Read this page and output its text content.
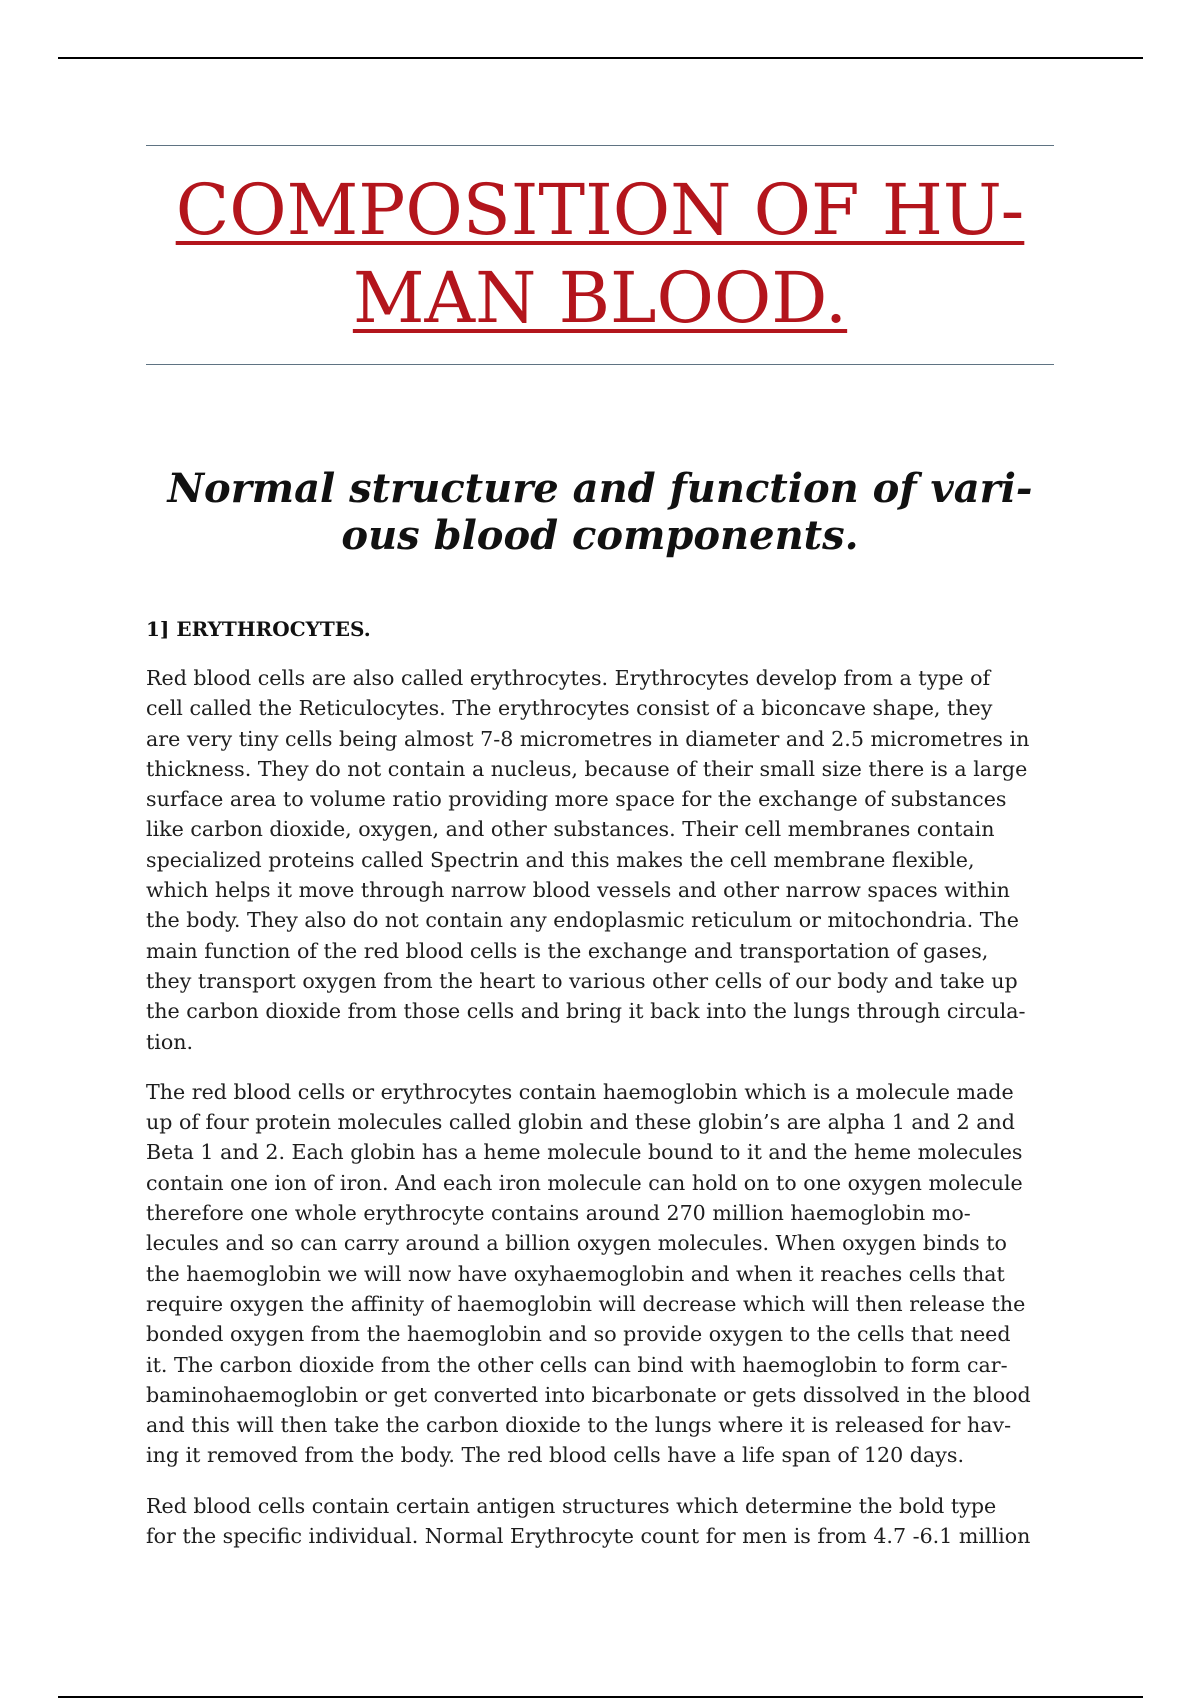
COMPOSITION OF HU-
MAN BLOOD.
Normal structure and function of vari-
ous blood components.
1] ERYTHROCYTES.

Red blood cells are also called erythrocytes. Erythrocytes develop from a type of
cell called the Reticulocytes. The erythrocytes consist of a biconcave shape, they
are very tiny cells being almost 7-8 micrometres in diameter and 2.5 micrometres in
thickness. They do not contain a nucleus, because of their small size there is a large
surface area to volume ratio providing more space for the exchange of substances
like carbon dioxide, oxygen, and other substances. Their cell membranes contain
specialized proteins called Spectrin and this makes the cell membrane flexible,
which helps it move through narrow blood vessels and other narrow spaces within
the body. They also do not contain any endoplasmic reticulum or mitochondria. The
main function of the red blood cells is the exchange and transportation of gases,
they transport oxygen from the heart to various other cells of our body and take up
the carbon dioxide from those cells and bring it back into the lungs through circula-
tion.

The red blood cells or erythrocytes contain haemoglobin which is a molecule made
up of four protein molecules called globin and these globin’s are alpha 1 and 2 and
Beta 1 and 2. Each globin has a heme molecule bound to it and the heme molecules
contain one ion of iron. And each iron molecule can hold on to one oxygen molecule
therefore one whole erythrocyte contains around 270 million haemoglobin mo-
lecules and so can carry around a billion oxygen molecules. When oxygen binds to
the haemoglobin we will now have oxyhaemoglobin and when it reaches cells that
require oxygen the affinity of haemoglobin will decrease which will then release the
bonded oxygen from the haemoglobin and so provide oxygen to the cells that need
it. The carbon dioxide from the other cells can bind with haemoglobin to form car-
baminohaemoglobin or get converted into bicarbonate or gets dissolved in the blood
and this will then take the carbon dioxide to the lungs where it is released for hav-
ing it removed from the body. The red blood cells have a life span of 120 days.

Red blood cells contain certain antigen structures which determine the bold type
for the specific individual. Normal Erythrocyte count for men is from 4.7 -6.1 million
